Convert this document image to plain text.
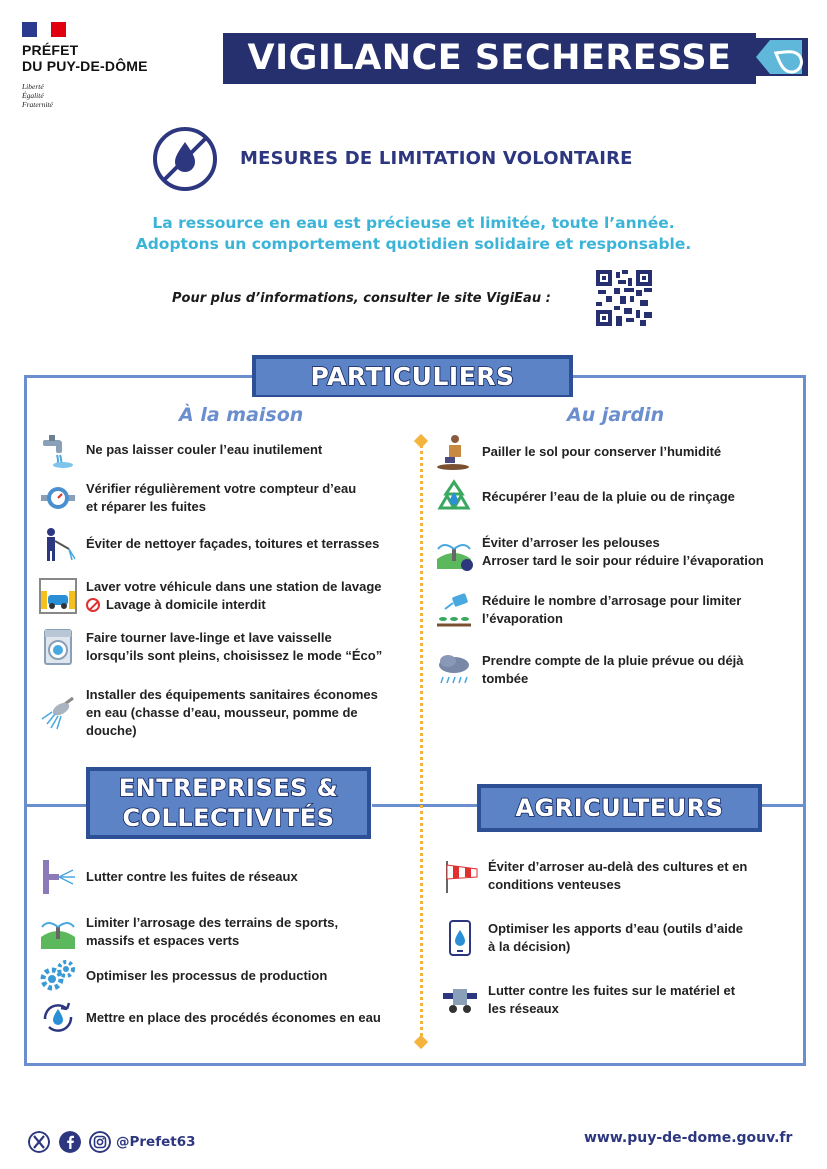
PRÉFET
DU PUY-DE-DÔME
Liberté
Égalité
Fraternité
VIGILANCE SECHERESSE
MESURES DE LIMITATION VOLONTAIRE
La ressource en eau est précieuse et limitée, toute l’année.
Adoptons un comportement quotidien solidaire et responsable.
Pour plus d’informations, consulter le site VigiEau :
PARTICULIERS
À la maison	Au jardin
Ne pas laisser couler l’eau inutilement
Vérifier régulièrement votre compteur d’eau
et réparer les fuites
Éviter de nettoyer façades, toitures et terrasses
Laver votre véhicule dans une station de lavage
Lavage à domicile interdit
Faire tourner lave-linge et lave vaisselle
lorsqu’ils sont pleins, choisissez le mode “Éco”
Installer des équipements sanitaires économes
en eau (chasse d’eau, mousseur, pomme de
douche)
Pailler le sol pour conserver l’humidité
Récupérer l’eau de la pluie ou de rinçage
Éviter d’arroser les pelouses
Arroser tard le soir pour réduire l’évaporation
Réduire le nombre d’arrosage pour limiter
l’évaporation
Prendre compte de la pluie prévue ou déjà
tombée
ENTREPRISES &
COLLECTIVITÉS	AGRICULTEURS
Lutter contre les fuites de réseaux
Limiter l’arrosage des terrains de sports,
massifs et espaces verts
Optimiser les processus de production
Mettre en place des procédés économes en eau
Éviter d’arroser au-delà des cultures et en
conditions venteuses
Optimiser les apports d’eau (outils d’aide
à la décision)
Lutter contre les fuites sur le matériel et
les réseaux
@Prefet63	www.puy-de-dome.gouv.fr
